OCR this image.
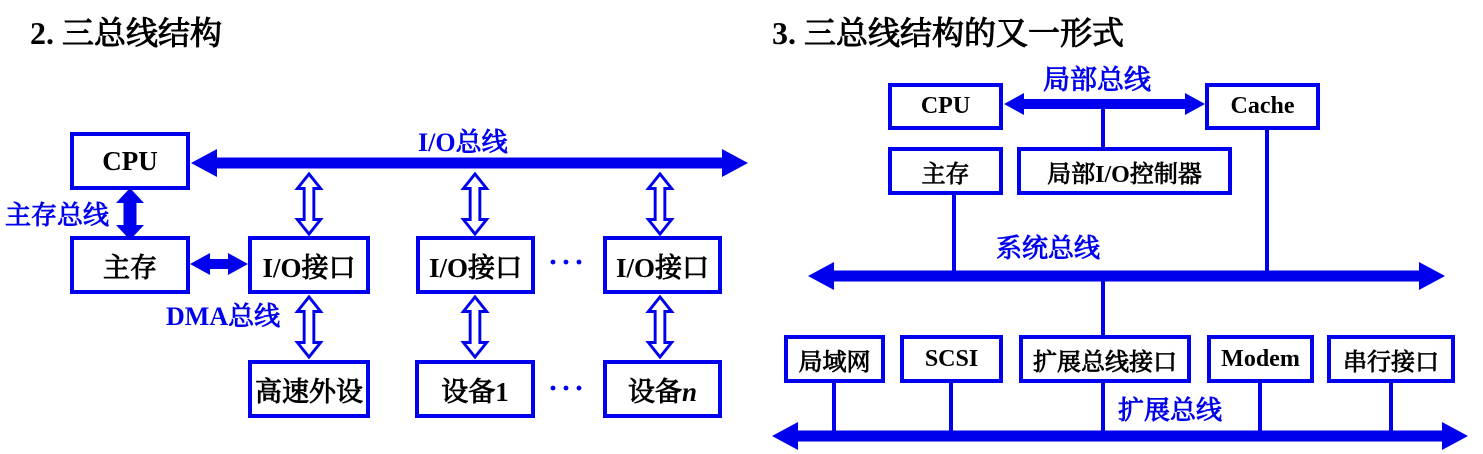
2. 三总线结构
I/O总线
CPU
主存总线
主存
DMA总线
I/O接口	I/O接口	I/O接口
高速外设	设备1	设备n
···
···
3. 三总线结构的又一形式
局部总线
CPU	Cache
主存	局部I/O控制器
系统总线
局域网 SCSI 扩展总线接口 Modem 串行接口
扩展总线
